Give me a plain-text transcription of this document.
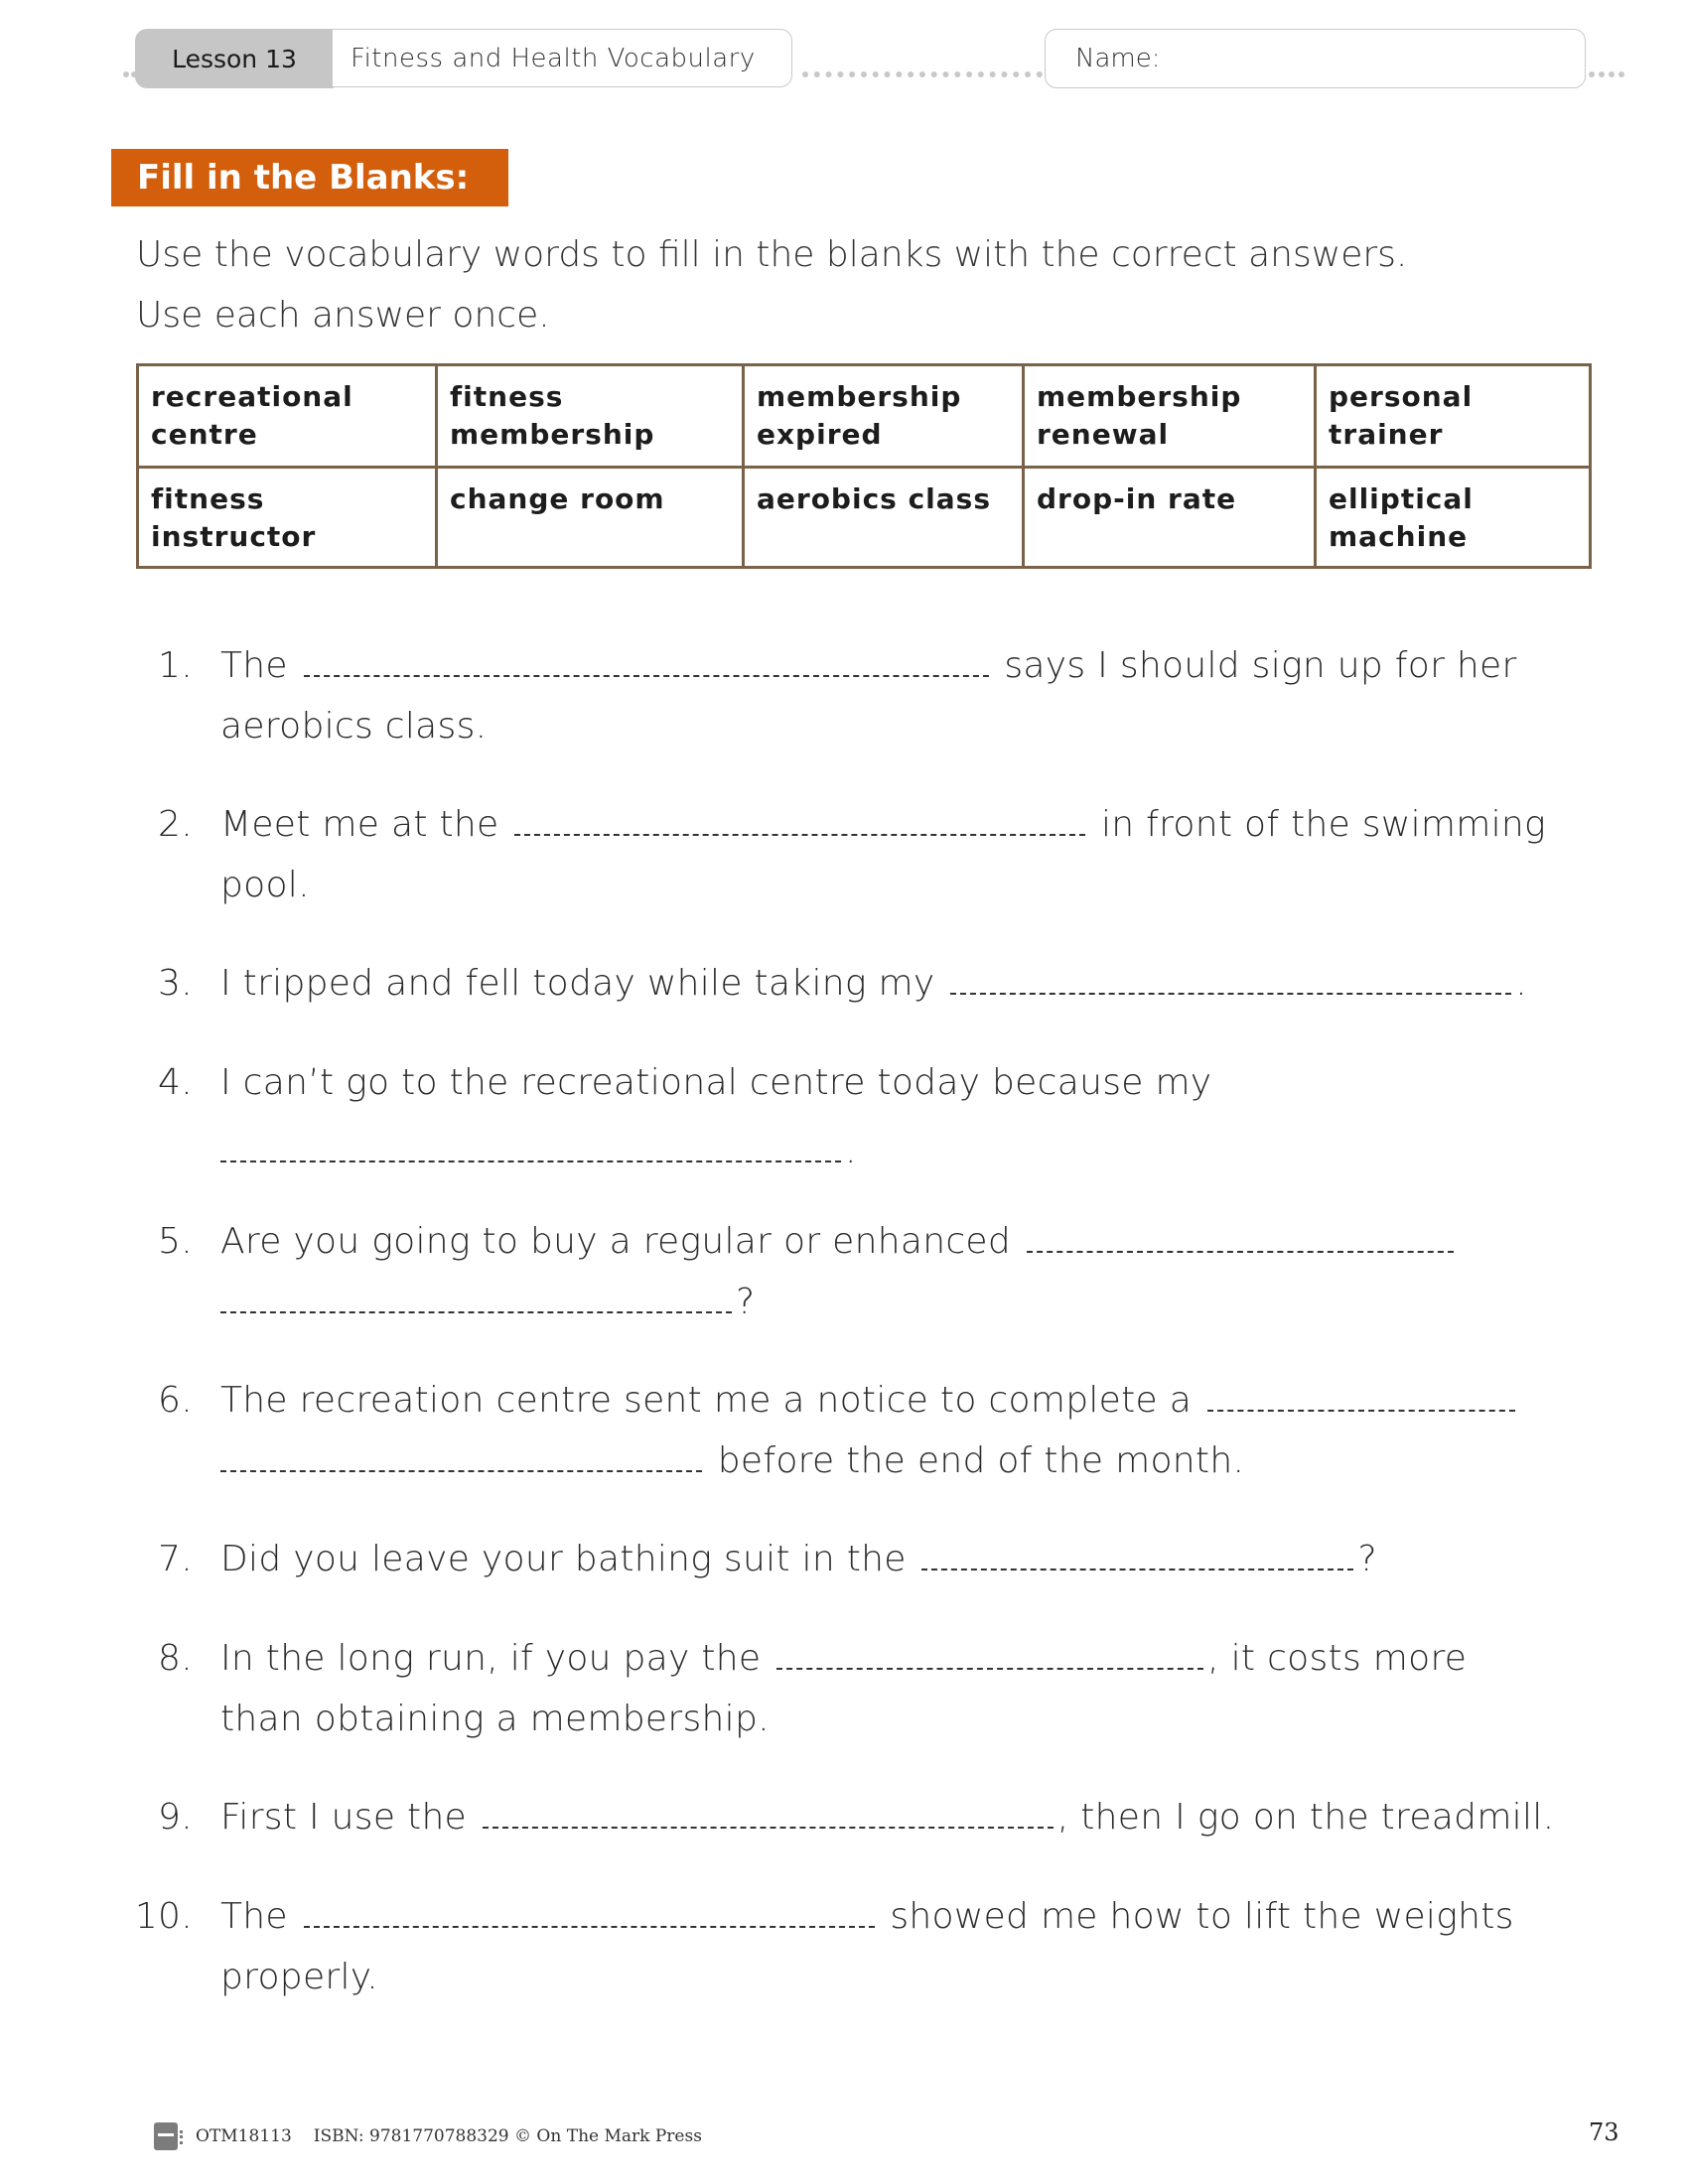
Lesson 13 Fitness and Health Vocabulary	Name:
Fill in the Blanks:
Use the vocabulary words to fill in the blanks with the correct answers.
Use each answer once.
recreational centre	fitness membership	membership expired	membership renewal	personal trainer
fitness instructor	change room	aerobics class	drop-in rate	elliptical machine
1. The	says I should sign up for her
aerobics class.
2. Meet me at the	in front of the swimming
pool.
3. I tripped and fell today while taking my	.
4. I can’t go to the recreational centre today because my
.
5. Are you going to buy a regular or enhanced
?
6. The recreation centre sent me a notice to complete a
before the end of the month.
7. Did you leave your bathing suit in the	?
8. In the long run, if you pay the	, it costs more
than obtaining a membership.
9. First I use the	, then I go on the treadmill.
10. The	showed me how to lift the weights
properly.
OTM18113 ISBN: 9781770788329 © On The Mark Press	73
